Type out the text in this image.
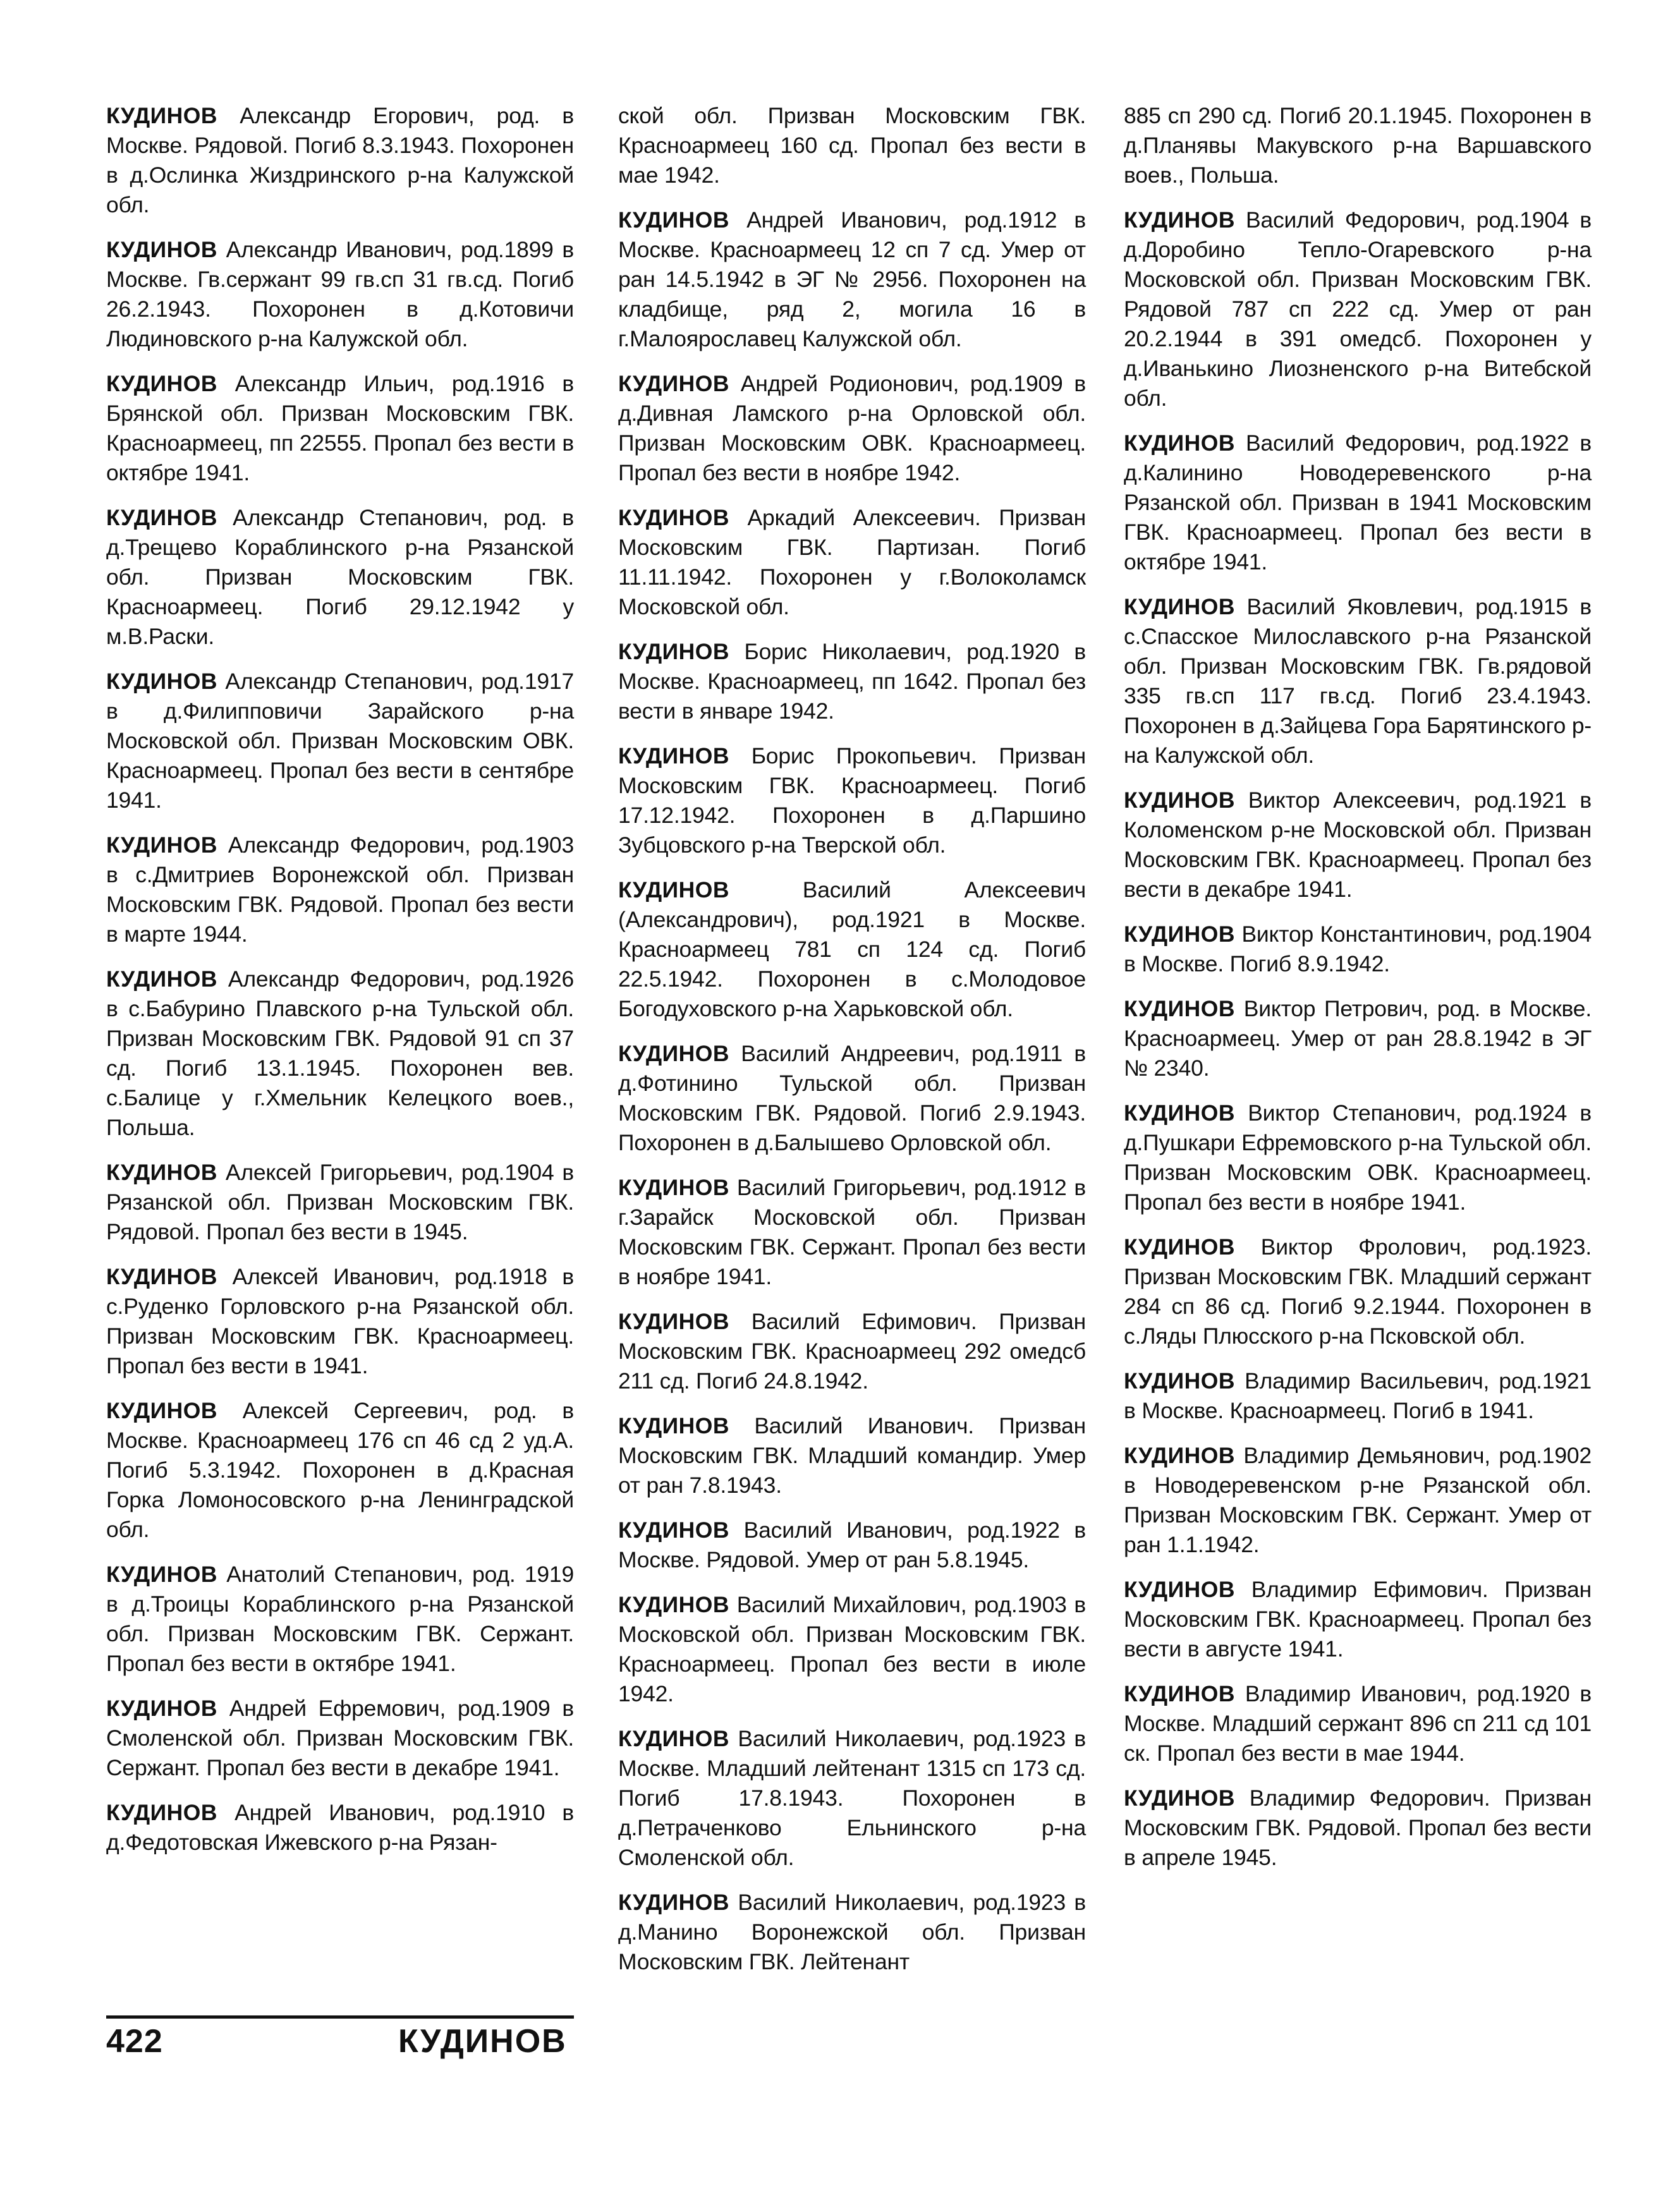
КУДИНОВ Александр Егорович, род. в Москве. Рядовой. Погиб 8.3.1943. Похоронен в д.Ослинка Жиздринского р-на Калужской обл.

КУДИНОВ Александр Иванович, род.1899 в Москве. Гв.сержант 99 гв.сп 31 гв.сд. Погиб 26.2.1943. Похоронен в д.Котовичи Людиновского р-на Калужской обл.

КУДИНОВ Александр Ильич, род.1916 в Брянской обл. Призван Московским ГВК. Красноармеец, пп 22555. Пропал без вести в октябре 1941.

КУДИНОВ Александр Степанович, род. в д.Трещево Кораблинского р-на Рязанской обл. Призван Московским ГВК. Красноармеец. Погиб 29.12.1942 у м.В.Раски.

КУДИНОВ Александр Степанович, род.1917 в д.Филипповичи Зарайского р-на Московской обл. Призван Московским ОВК. Красноармеец. Пропал без вести в сентябре 1941.

КУДИНОВ Александр Федорович, род.1903 в с.Дмитриев Воронежской обл. Призван Московским ГВК. Рядовой. Пропал без вести в марте 1944.

КУДИНОВ Александр Федорович, род.1926 в с.Бабурино Плавского р-на Тульской обл. Призван Московским ГВК. Рядовой 91 сп 37 сд. Погиб 13.1.1945. Похоронен вев. с.Балице у г.Хмельник Келецкого воев., Польша.

КУДИНОВ Алексей Григорьевич, род.1904 в Рязанской обл. Призван Московским ГВК. Рядовой. Пропал без вести в 1945.

КУДИНОВ Алексей Иванович, род.1918 в с.Руденко Горловского р-на Рязанской обл. Призван Московским ГВК. Красноармеец. Пропал без вести в 1941.

КУДИНОВ Алексей Сергеевич, род. в Москве. Красноармеец 176 сп 46 сд 2 уд.А. Погиб 5.3.1942. Похоронен в д.Красная Горка Ломоносовского р-на Ленинградской обл.

КУДИНОВ Анатолий Степанович, род. 1919 в д.Троицы Кораблинского р-на Рязанской обл. Призван Московским ГВК. Сержант. Пропал без вести в октябре 1941.

КУДИНОВ Андрей Ефремович, род.1909 в Смоленской обл. Призван Московским ГВК. Сержант. Пропал без вести в декабре 1941.

КУДИНОВ Андрей Иванович, род.1910 в д.Федотовская Ижевского р-на Рязан-

ской обл. Призван Московским ГВК. Красноармеец 160 сд. Пропал без вести в мае 1942.

КУДИНОВ Андрей Иванович, род.1912 в Москве. Красноармеец 12 сп 7 сд. Умер от ран 14.5.1942 в ЭГ № 2956. Похоронен на кладбище, ряд 2, могила 16 в г.Малоярославец Калужской обл.

КУДИНОВ Андрей Родионович, род.1909 в д.Дивная Ламского р-на Орловской обл. Призван Московским ОВК. Красноармеец. Пропал без вести в ноябре 1942.

КУДИНОВ Аркадий Алексеевич. Призван Московским ГВК. Партизан. Погиб 11.11.1942. Похоронен у г.Волоколамск Московской обл.

КУДИНОВ Борис Николаевич, род.1920 в Москве. Красноармеец, пп 1642. Пропал без вести в январе 1942.

КУДИНОВ Борис Прокопьевич. Призван Московским ГВК. Красноармеец. Погиб 17.12.1942. Похоронен в д.Паршино Зубцовского р-на Тверской обл.

КУДИНОВ Василий Алексеевич (Александрович), род.1921 в Москве. Красноармеец 781 сп 124 сд. Погиб 22.5.1942. Похоронен в с.Молодовое Богодуховского р-на Харьковской обл.

КУДИНОВ Василий Андреевич, род.1911 в д.Фотинино Тульской обл. Призван Московским ГВК. Рядовой. Погиб 2.9.1943. Похоронен в д.Балышево Орловской обл.

КУДИНОВ Василий Григорьевич, род.1912 в г.Зарайск Московской обл. Призван Московским ГВК. Сержант. Пропал без вести в ноябре 1941.

КУДИНОВ Василий Ефимович. Призван Московским ГВК. Красноармеец 292 омедсб 211 сд. Погиб 24.8.1942.

КУДИНОВ Василий Иванович. Призван Московским ГВК. Младший командир. Умер от ран 7.8.1943.

КУДИНОВ Василий Иванович, род.1922 в Москве. Рядовой. Умер от ран 5.8.1945.

КУДИНОВ Василий Михайлович, род.1903 в Московской обл. Призван Московским ГВК. Красноармеец. Пропал без вести в июле 1942.

КУДИНОВ Василий Николаевич, род.1923 в Москве. Младший лейтенант 1315 сп 173 сд. Погиб 17.8.1943. Похоронен в д.Петраченково Ельнинского р-на Смоленской обл.

КУДИНОВ Василий Николаевич, род.1923 в д.Манино Воронежской обл. Призван Московским ГВК. Лейтенант

885 сп 290 сд. Погиб 20.1.1945. Похоронен в д.Планявы Макувского р-на Варшавского воев., Польша.

КУДИНОВ Василий Федорович, род.1904 в д.Доробино Тепло-Огаревского р-на Московской обл. Призван Московским ГВК. Рядовой 787 сп 222 сд. Умер от ран 20.2.1944 в 391 омедсб. Похоронен у д.Иванькино Лиозненского р-на Витебской обл.

КУДИНОВ Василий Федорович, род.1922 в д.Калинино Новодеревенского р-на Рязанской обл. Призван в 1941 Московским ГВК. Красноармеец. Пропал без вести в октябре 1941.

КУДИНОВ Василий Яковлевич, род.1915 в с.Спасское Милославского р-на Рязанской обл. Призван Московским ГВК. Гв.рядовой 335 гв.сп 117 гв.сд. Погиб 23.4.1943. Похоронен в д.Зайцева Гора Барятинского р-на Калужской обл.

КУДИНОВ Виктор Алексеевич, род.1921 в Коломенском р-не Московской обл. Призван Московским ГВК. Красноармеец. Пропал без вести в декабре 1941.

КУДИНОВ Виктор Константинович, род.1904 в Москве. Погиб 8.9.1942.

КУДИНОВ Виктор Петрович, род. в Москве. Красноармеец. Умер от ран 28.8.1942 в ЭГ № 2340.

КУДИНОВ Виктор Степанович, род.1924 в д.Пушкари Ефремовского р-на Тульской обл. Призван Московским ОВК. Красноармеец. Пропал без вести в ноябре 1941.

КУДИНОВ Виктор Фролович, род.1923. Призван Московским ГВК. Младший сержант 284 сп 86 сд. Погиб 9.2.1944. Похоронен в с.Ляды Плюсского р-на Псковской обл.

КУДИНОВ Владимир Васильевич, род.1921 в Москве. Красноармеец. Погиб в 1941.

КУДИНОВ Владимир Демьянович, род.1902 в Новодеревенском р-не Рязанской обл. Призван Московским ГВК. Сержант. Умер от ран 1.1.1942.

КУДИНОВ Владимир Ефимович. Призван Московским ГВК. Красноармеец. Пропал без вести в августе 1941.

КУДИНОВ Владимир Иванович, род.1920 в Москве. Младший сержант 896 сп 211 сд 101 ск. Пропал без вести в мае 1944.

КУДИНОВ Владимир Федорович. Призван Московским ГВК. Рядовой. Пропал без вести в апреле 1945.

422	КУДИНОВ
